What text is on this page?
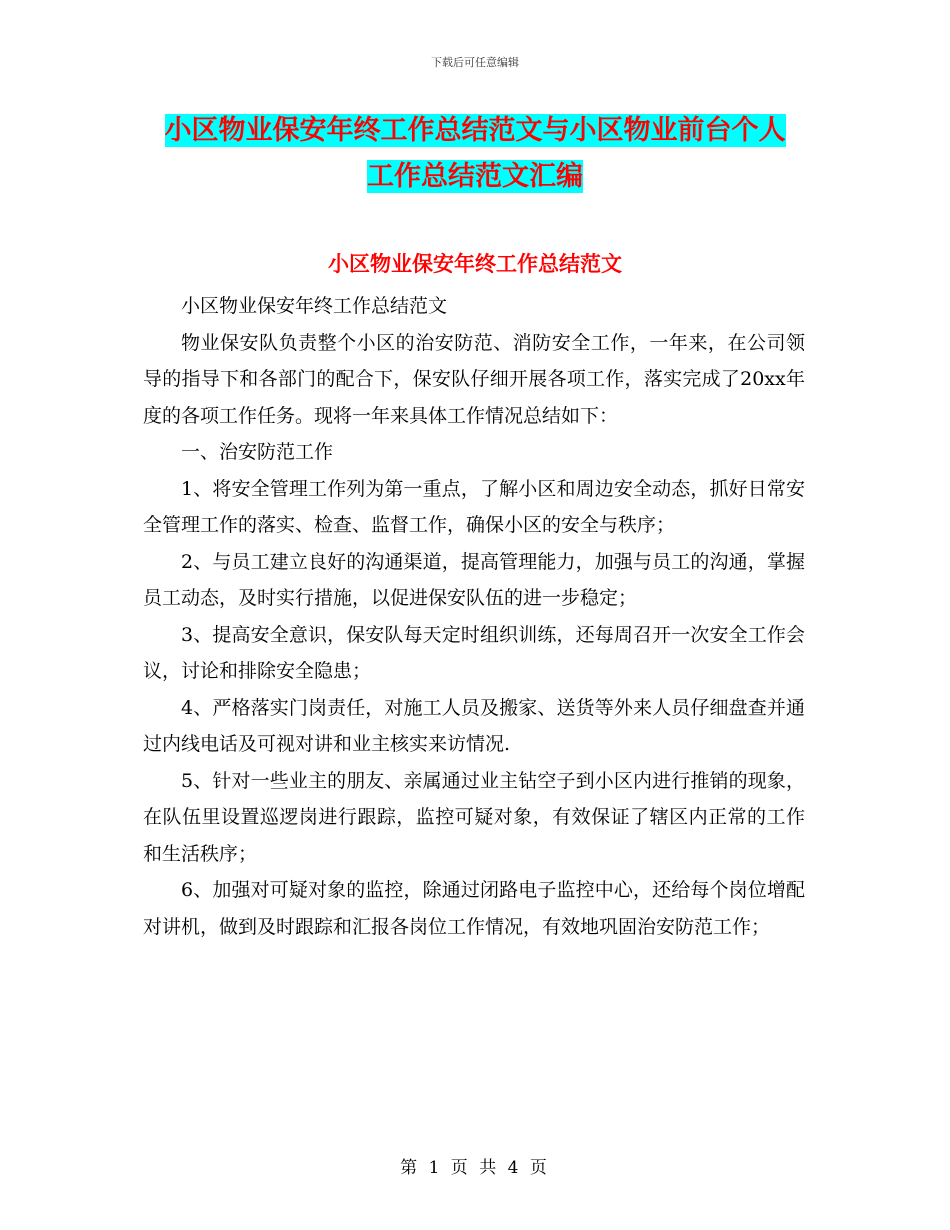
下载后可任意编辑
小区物业保安年终工作总结范文与小区物业前台个人
工作总结范文汇编
小区物业保安年终工作总结范文

小区物业保安年终工作总结范文

物业保安队负责整个小区的治安防范、消防安全工作，一年来，在公司领导的指导下和各部门的配合下，保安队仔细开展各项工作，落实完成了20xx年度的各项工作任务。现将一年来具体工作情况总结如下：

一、治安防范工作

1、将安全管理工作列为第一重点，了解小区和周边安全动态，抓好日常安全管理工作的落实、检查、监督工作，确保小区的安全与秩序；

2、与员工建立良好的沟通渠道，提高管理能力，加强与员工的沟通，掌握员工动态，及时实行措施，以促进保安队伍的进一步稳定；

3、提高安全意识，保安队每天定时组织训练，还每周召开一次安全工作会议，讨论和排除安全隐患；

4、严格落实门岗责任，对施工人员及搬家、送货等外来人员仔细盘查并通过内线电话及可视对讲和业主核实来访情况.

5、针对一些业主的朋友、亲属通过业主钻空子到小区内进行推销的现象，在队伍里设置巡逻岗进行跟踪，监控可疑对象，有效保证了辖区内正常的工作和生活秩序；

6、加强对可疑对象的监控，除通过闭路电子监控中心，还给每个岗位增配对讲机，做到及时跟踪和汇报各岗位工作情况，有效地巩固治安防范工作；

第 1 页 共 4 页
